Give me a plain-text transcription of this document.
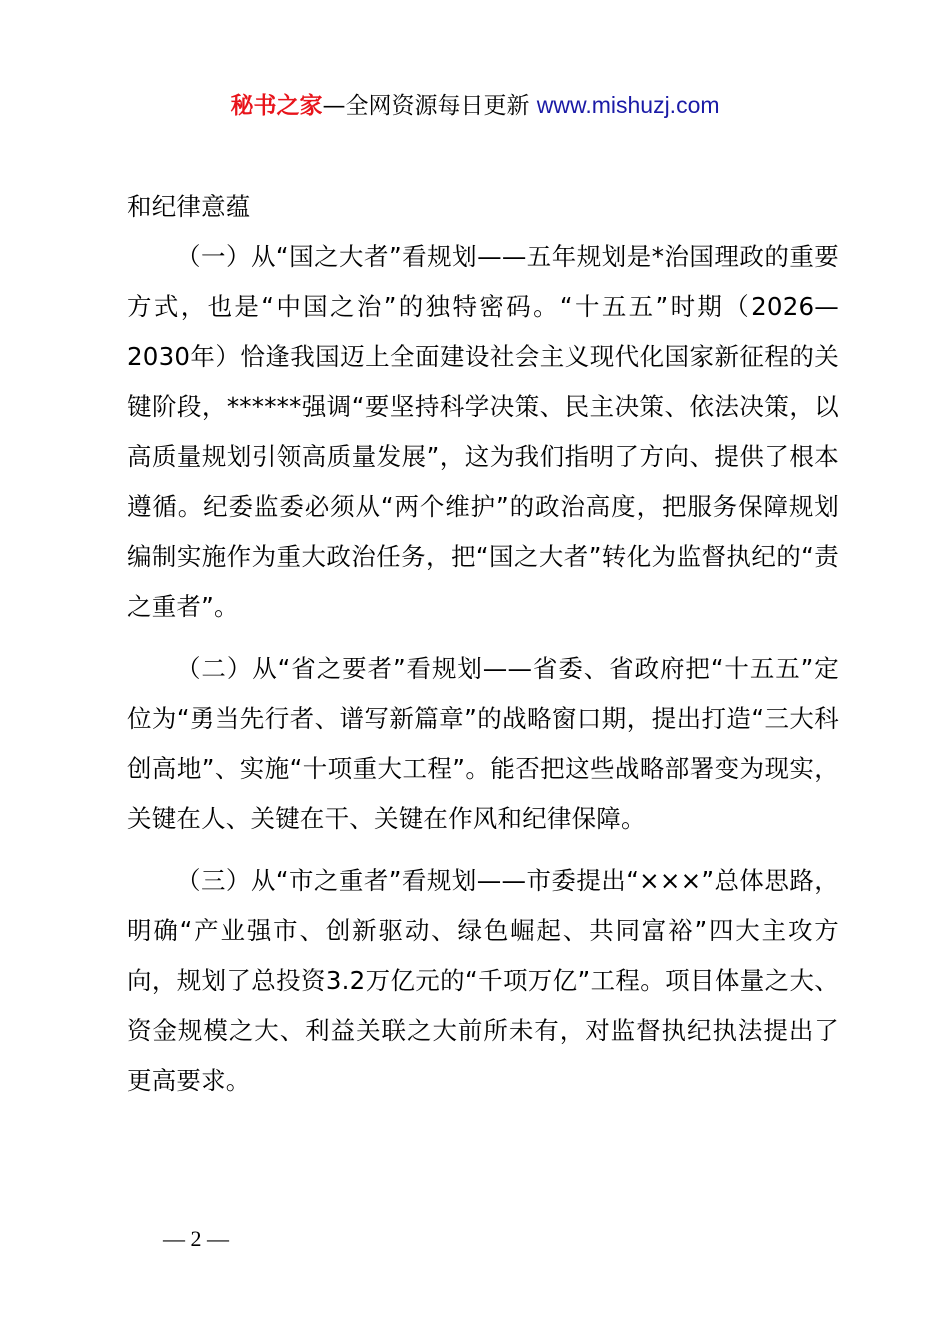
秘书之家—全网资源每日更新 www.mishuzj.com

和纪律意蕴

（一）从“国之大者”看规划——五年规划是*治国理政的重要方式，也是“中国之治”的独特密码。“十五五”时期（2026—2030年）恰逢我国迈上全面建设社会主义现代化国家新征程的关键阶段，******强调“要坚持科学决策、民主决策、依法决策，以高质量规划引领高质量发展”，这为我们指明了方向、提供了根本遵循。纪委监委必须从“两个维护”的政治高度，把服务保障规划编制实施作为重大政治任务，把“国之大者”转化为监督执纪的“责之重者”。

（二）从“省之要者”看规划——省委、省政府把“十五五”定位为“勇当先行者、谱写新篇章”的战略窗口期，提出打造“三大科创高地”、实施“十项重大工程”。能否把这些战略部署变为现实，关键在人、关键在干、关键在作风和纪律保障。

（三）从“市之重者”看规划——市委提出“×××”总体思路，明确“产业强市、创新驱动、绿色崛起、共同富裕”四大主攻方向，规划了总投资3.2万亿元的“千项万亿”工程。项目体量之大、资金规模之大、利益关联之大前所未有，对监督执纪执法提出了更高要求。

— 2 —
